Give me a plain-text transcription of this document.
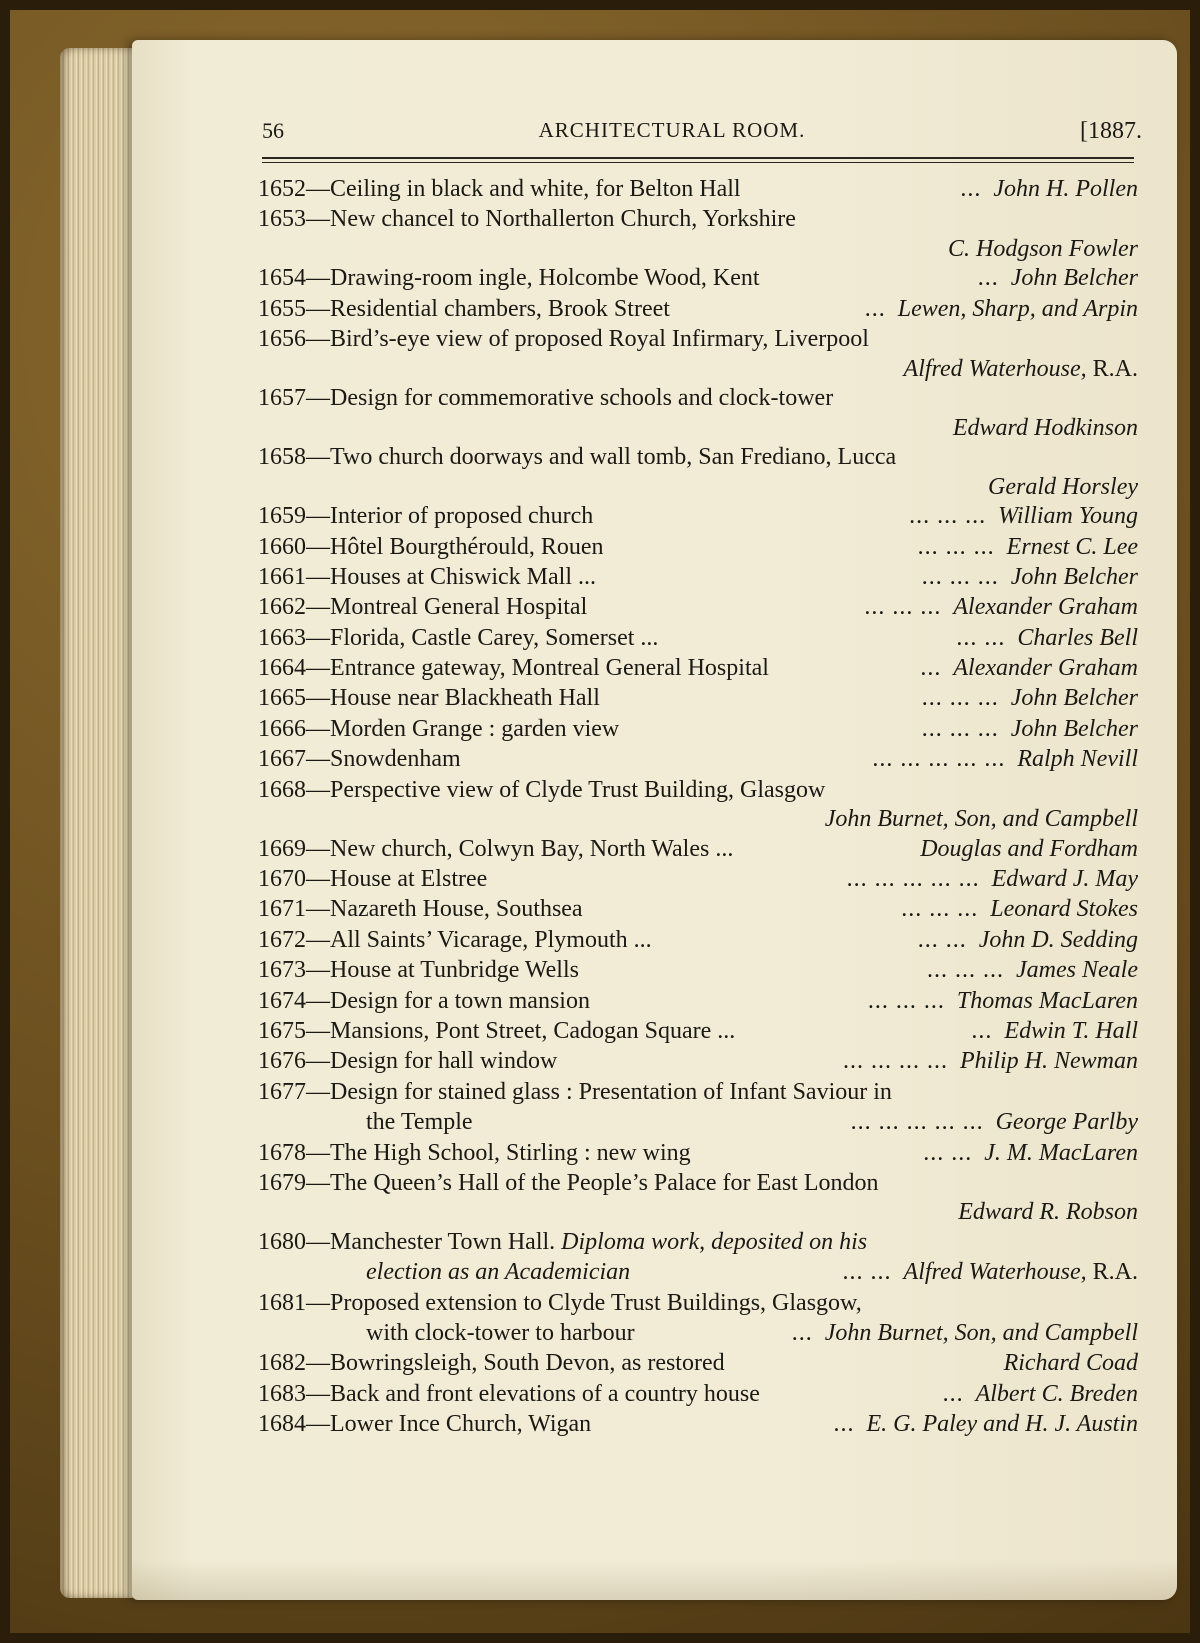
56	ARCHITECTURAL ROOM.	[1887.
1652—Ceiling in black and white, for Belton Hall	John H. Pollen
...
1653—New chancel to Northallerton Church, Yorkshire
C. Hodgson Fowler
1654—Drawing-room ingle, Holcombe Wood, Kent	John Belcher
...
1655—Residential chambers, Brook Street	Lewen, Sharp, and Arpin
...
1656—Bird’s-eye view of proposed Royal Infirmary, Liverpool
Alfred Waterhouse, R.A.
1657—Design for commemorative schools and clock-tower
Edward Hodkinson
1658—Two church doorways and wall tomb, San Frediano, Lucca
Gerald Horsley
1659—Interior of proposed church	William Young
... ... ...
1660—Hôtel Bourgthérould, Rouen	Ernest C. Lee
... ... ...
1661—Houses at Chiswick Mall ...	John Belcher
... ... ...
1662—Montreal General Hospital	Alexander Graham
... ... ...
1663—Florida, Castle Carey, Somerset ...	Charles Bell
... ...
1664—Entrance gateway, Montreal General Hospital	Alexander Graham
...
1665—House near Blackheath Hall	John Belcher
... ... ...
1666—Morden Grange : garden view	John Belcher
... ... ...
1667—Snowdenham	Ralph Nevill
... ... ... ... ...
1668—Perspective view of Clyde Trust Building, Glasgow
John Burnet, Son, and Campbell
1669—New church, Colwyn Bay, North Wales ...	Douglas and Fordham
1670—House at Elstree	Edward J. May
... ... ... ... ...
1671—Nazareth House, Southsea	Leonard Stokes
... ... ...
1672—All Saints’ Vicarage, Plymouth ...	John D. Sedding
... ...
1673—House at Tunbridge Wells	James Neale
... ... ...
1674—Design for a town mansion	Thomas MacLaren
... ... ...
1675—Mansions, Pont Street, Cadogan Square ...	Edwin T. Hall
...
1676—Design for hall window	Philip H. Newman
... ... ... ...
1677—Design for stained glass : Presentation of Infant Saviour in
the Temple	George Parlby
... ... ... ... ...
1678—The High School, Stirling : new wing	J. M. MacLaren
... ...
1679—The Queen’s Hall of the People’s Palace for East London
Edward R. Robson
1680—Manchester Town Hall. Diploma work, deposited on his
election as an Academician	Alfred Waterhouse, R.A.
... ...
1681—Proposed extension to Clyde Trust Buildings, Glasgow,
with clock-tower to harbour	John Burnet, Son, and Campbell
...
1682—Bowringsleigh, South Devon, as restored	Richard Coad
1683—Back and front elevations of a country house	Albert C. Breden
...
1684—Lower Ince Church, Wigan	E. G. Paley and H. J. Austin
...
